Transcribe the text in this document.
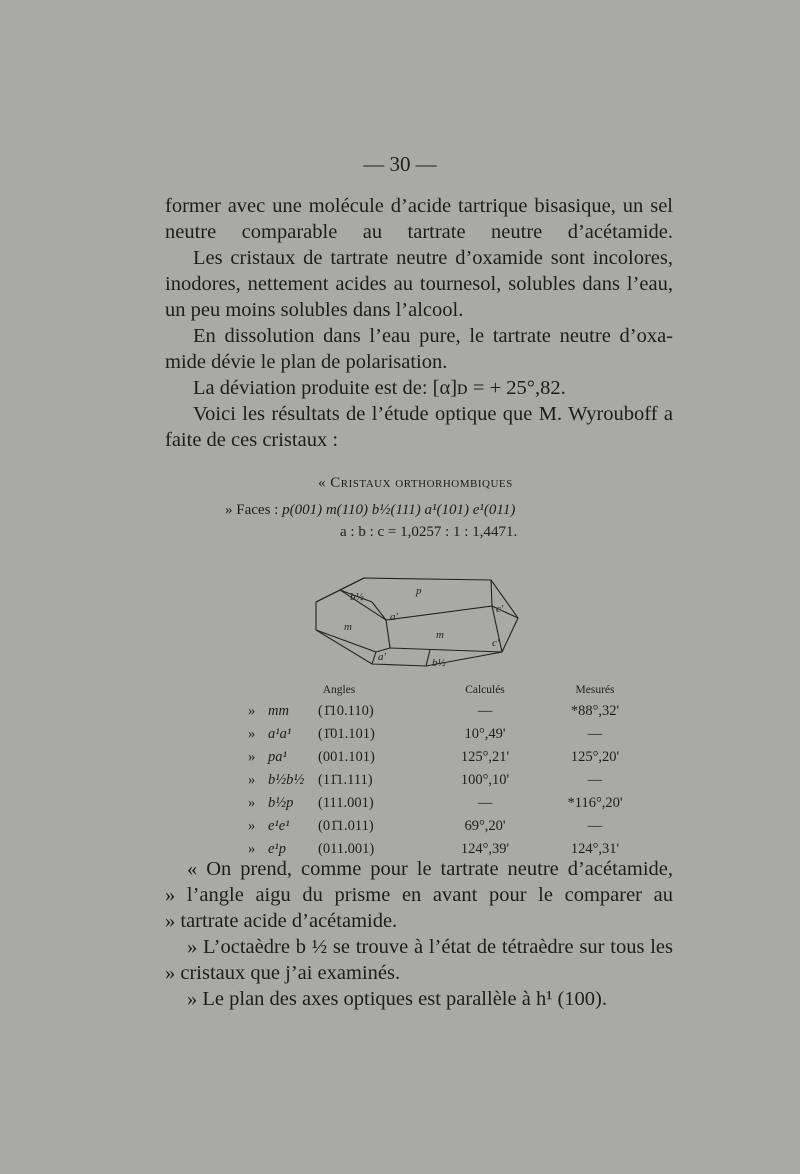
— 30 —

former avec une molécule d’acide tartrique bisasique, un sel neutre comparable au tartrate neutre d’acétamide.

Les cristaux de tartrate neutre d’oxamide sont incolores, inodores, nettement acides au tournesol, solubles dans l’eau, un peu moins solubles dans l’alcool.

En dissolution dans l’eau pure, le tartrate neutre d’oxa-mide dévie le plan de polarisation.

La déviation produite est de: [α]ᴅ = + 25°,82.

Voici les résultats de l’étude optique que M. Wyrouboff a faite de ces cristaux :

« Cristaux orthorhombiques
» Faces : p(001) m(110) b½(111) a¹(101) e¹(011)
a : b : c = 1,0257 : 1 : 1,4471.
p
m
m
b½
b½
a'
a'
c'
c'
Angles			Calculés	Mesurés
»	mm	(1̄10.110)	—	*88°,32'
»	a¹a¹	(1̄01.101)	10°,49'	—
»	pa¹	(001.101)	125°,21'	125°,20'
»	b½b½	(11̄1.111)	100°,10'	—
»	b½p	(111.001)	—	*116°,20'
»	e¹e¹	(01̄1.011)	69°,20'	—
»	e¹p	(011.001)	124°,39'	124°,31'

« On prend, comme pour le tartrate neutre d’acétamide,

» l’angle aigu du prisme en avant pour le comparer au

» tartrate acide d’acétamide.

» L’octaèdre b ½ se trouve à l’état de tétraèdre sur tous les

» cristaux que j’ai examinés.

» Le plan des axes optiques est parallèle à h¹ (100).
